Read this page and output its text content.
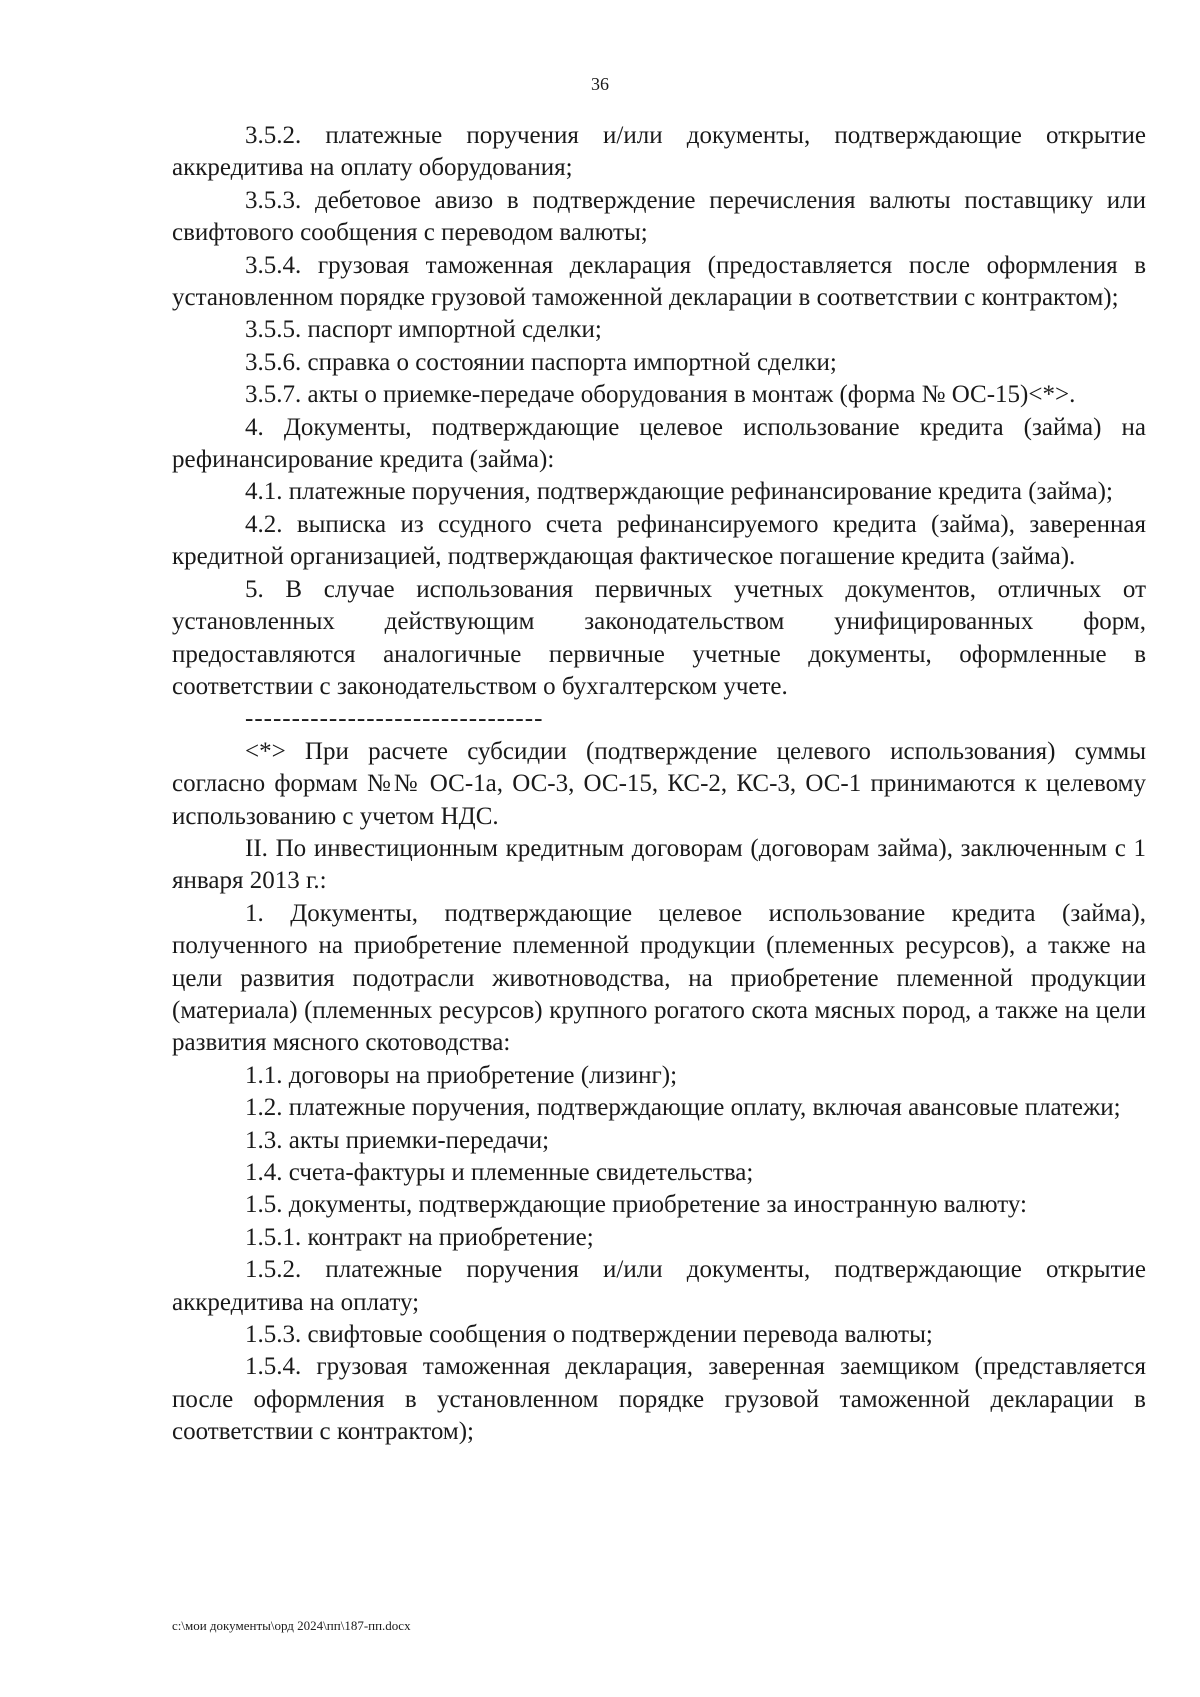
36

3.5.2. платежные поручения и/или документы, подтверждающие открытие аккредитива на оплату оборудования;

3.5.3. дебетовое авизо в подтверждение перечисления валюты поставщику или свифтового сообщения с переводом валюты;

3.5.4. грузовая таможенная декларация (предоставляется после оформления в установленном порядке грузовой таможенной декларации в соответствии с контрактом);

3.5.5. паспорт импортной сделки;

3.5.6. справка о состоянии паспорта импортной сделки;

3.5.7. акты о приемке-передаче оборудования в монтаж (форма № ОС-15)<*>.

4. Документы, подтверждающие целевое использование кредита (займа) на рефинансирование кредита (займа):

4.1. платежные поручения, подтверждающие рефинансирование кредита (займа);

4.2. выписка из ссудного счета рефинансируемого кредита (займа), заверенная кредитной организацией, подтверждающая фактическое погашение кредита (займа).

5. В случае использования первичных учетных документов, отличных от установленных действующим законодательством унифицированных форм, предоставляются аналогичные первичные учетные документы, оформленные в соответствии с законодательством о бухгалтерском учете.

--------------------------------

<*> При расчете субсидии (подтверждение целевого использования) суммы согласно формам №№ ОС-1а, ОС-3, ОС-15, КС-2, КС-3, ОС-1 принимаются к целевому использованию с учетом НДС.

II. По инвестиционным кредитным договорам (договорам займа), заключенным с 1 января 2013 г.:

1. Документы, подтверждающие целевое использование кредита (займа), полученного на приобретение племенной продукции (племенных ресурсов), а также на цели развития подотрасли животноводства, на приобретение племенной продукции (материала) (племенных ресурсов) крупного рогатого скота мясных пород, а также на цели развития мясного скотоводства:

1.1. договоры на приобретение (лизинг);

1.2. платежные поручения, подтверждающие оплату, включая авансовые платежи;

1.3. акты приемки-передачи;

1.4. счета-фактуры и племенные свидетельства;

1.5. документы, подтверждающие приобретение за иностранную валюту:

1.5.1. контракт на приобретение;

1.5.2. платежные поручения и/или документы, подтверждающие открытие аккредитива на оплату;

1.5.3. свифтовые сообщения о подтверждении перевода валюты;

1.5.4. грузовая таможенная декларация, заверенная заемщиком (представляется после оформления в установленном порядке грузовой таможенной декларации в соответствии с контрактом);

c:\мои документы\орд 2024\пп\187-пп.docx
